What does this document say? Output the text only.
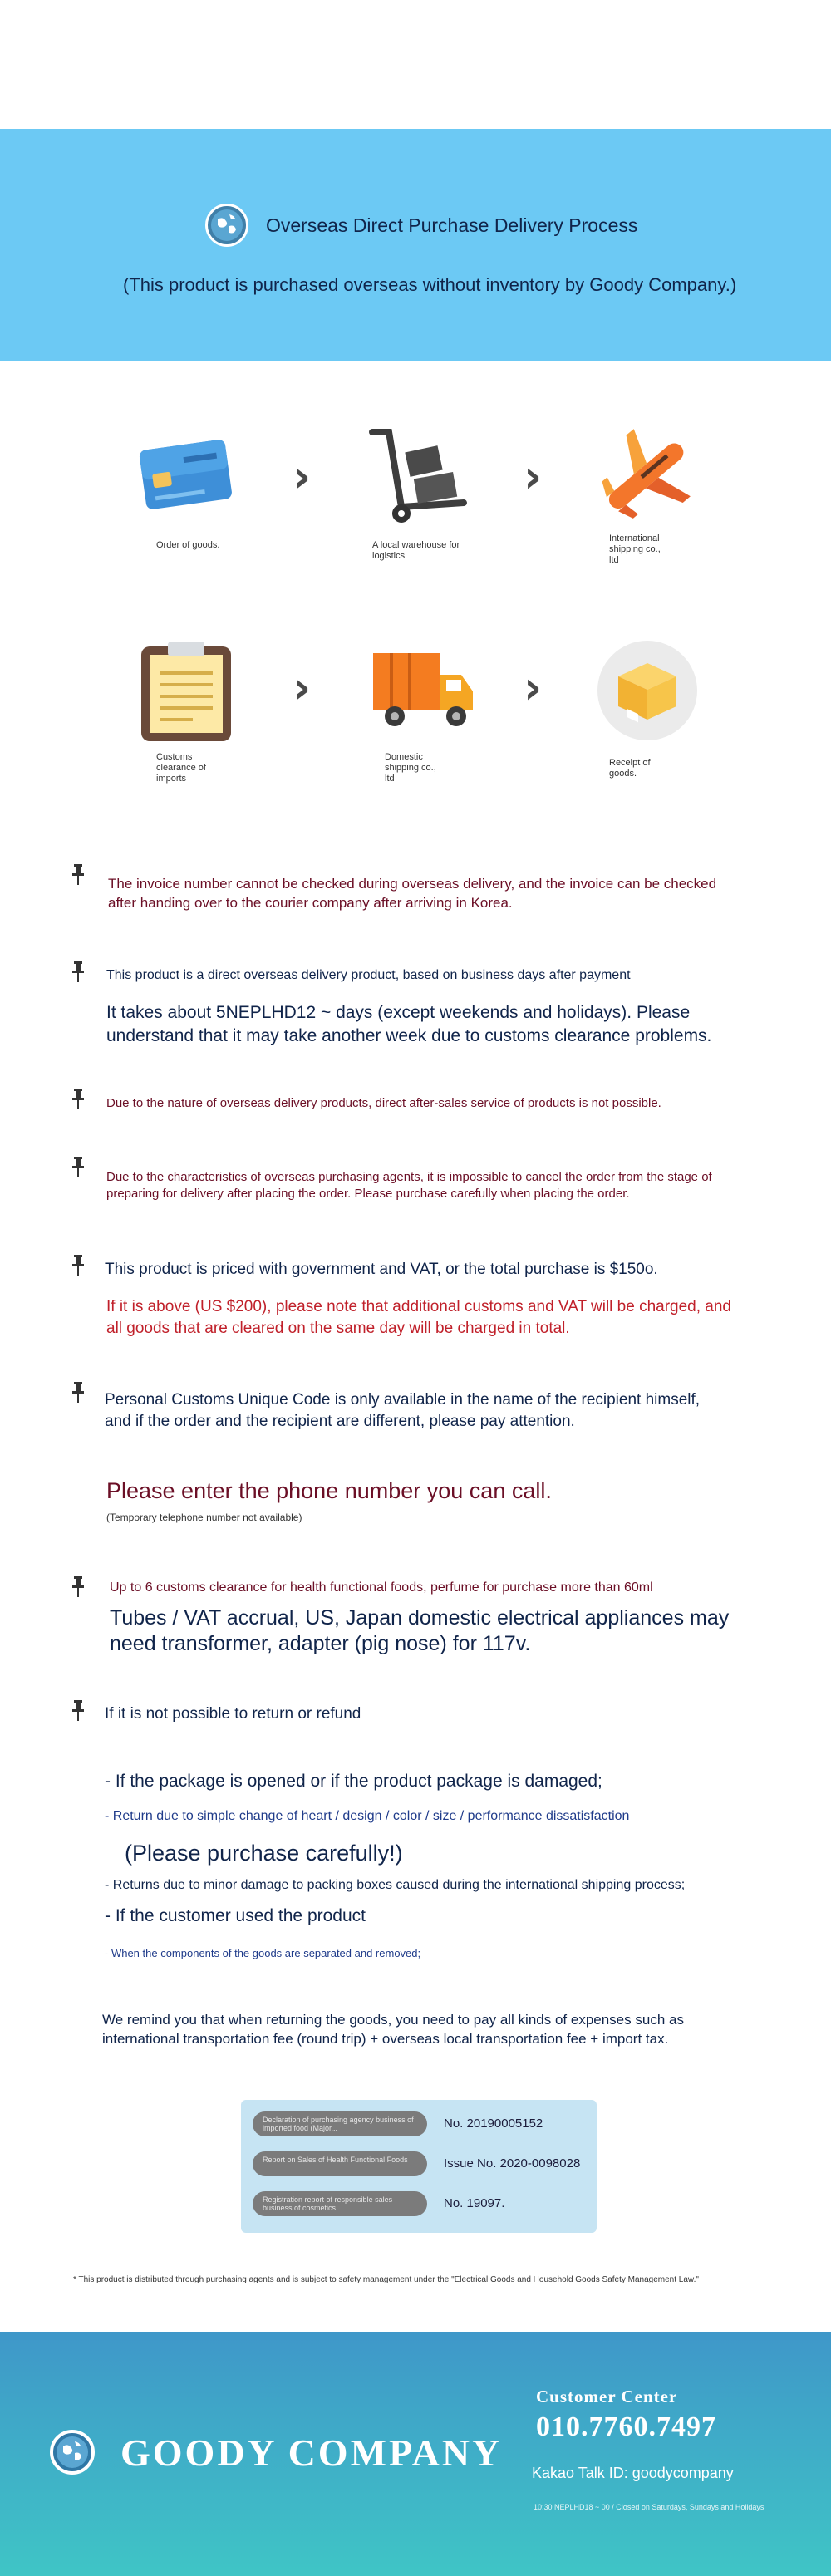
Overseas Direct Purchase Delivery Process
(This product is purchased overseas without inventory by Goody Company.)
Order of goods.
›
A local warehouse for logistics
›
International shipping co., ltd
Customs clearance of imports
›
Domestic shipping co., ltd
›
Receipt of goods.
The invoice number cannot be checked during overseas delivery, and the invoice can be checked after handing over to the courier company after arriving in Korea.
This product is a direct overseas delivery product, based on business days after payment
It takes about 5NEPLHD12 ~ days (except weekends and holidays). Please understand that it may take another week due to customs clearance problems.
Due to the nature of overseas delivery products, direct after-sales service of products is not possible.
Due to the characteristics of overseas purchasing agents, it is impossible to cancel the order from the stage of preparing for delivery after placing the order. Please purchase carefully when placing the order.
This product is priced with government and VAT, or the total purchase is $150o.
If it is above (US $200), please note that additional customs and VAT will be charged, and all goods that are cleared on the same day will be charged in total.
Personal Customs Unique Code is only available in the name of the recipient himself, and if the order and the recipient are different, please pay attention.
Please enter the phone number you can call.
(Temporary telephone number not available)
Up to 6 customs clearance for health functional foods, perfume for purchase more than 60ml
Tubes / VAT accrual, US, Japan domestic electrical appliances may need transformer, adapter (pig nose) for 117v.
If it is not possible to return or refund
- If the package is opened or if the product package is damaged;
- Return due to simple change of heart / design / color / size / performance dissatisfaction
(Please purchase carefully!)
- Returns due to minor damage to packing boxes caused during the international shipping process;
- If the customer used the product
- When the components of the goods are separated and removed;
We remind you that when returning the goods, you need to pay all kinds of expenses such as international transportation fee (round trip) + overseas local transportation fee + import tax.
Declaration of purchasing agency business of imported food (Major...	No. 20190005152
Report on Sales of Health Functional Foods	Issue No. 2020-0098028
Registration report of responsible sales business of cosmetics	No. 19097.
* This product is distributed through purchasing agents and is subject to safety management under the "Electrical Goods and Household Goods Safety Management Law."
GOODY COMPANY
Customer Center
010.7760.7497
Kakao Talk ID: goodycompany
10:30 NEPLHD18 ~ 00 / Closed on Saturdays, Sundays and Holidays
